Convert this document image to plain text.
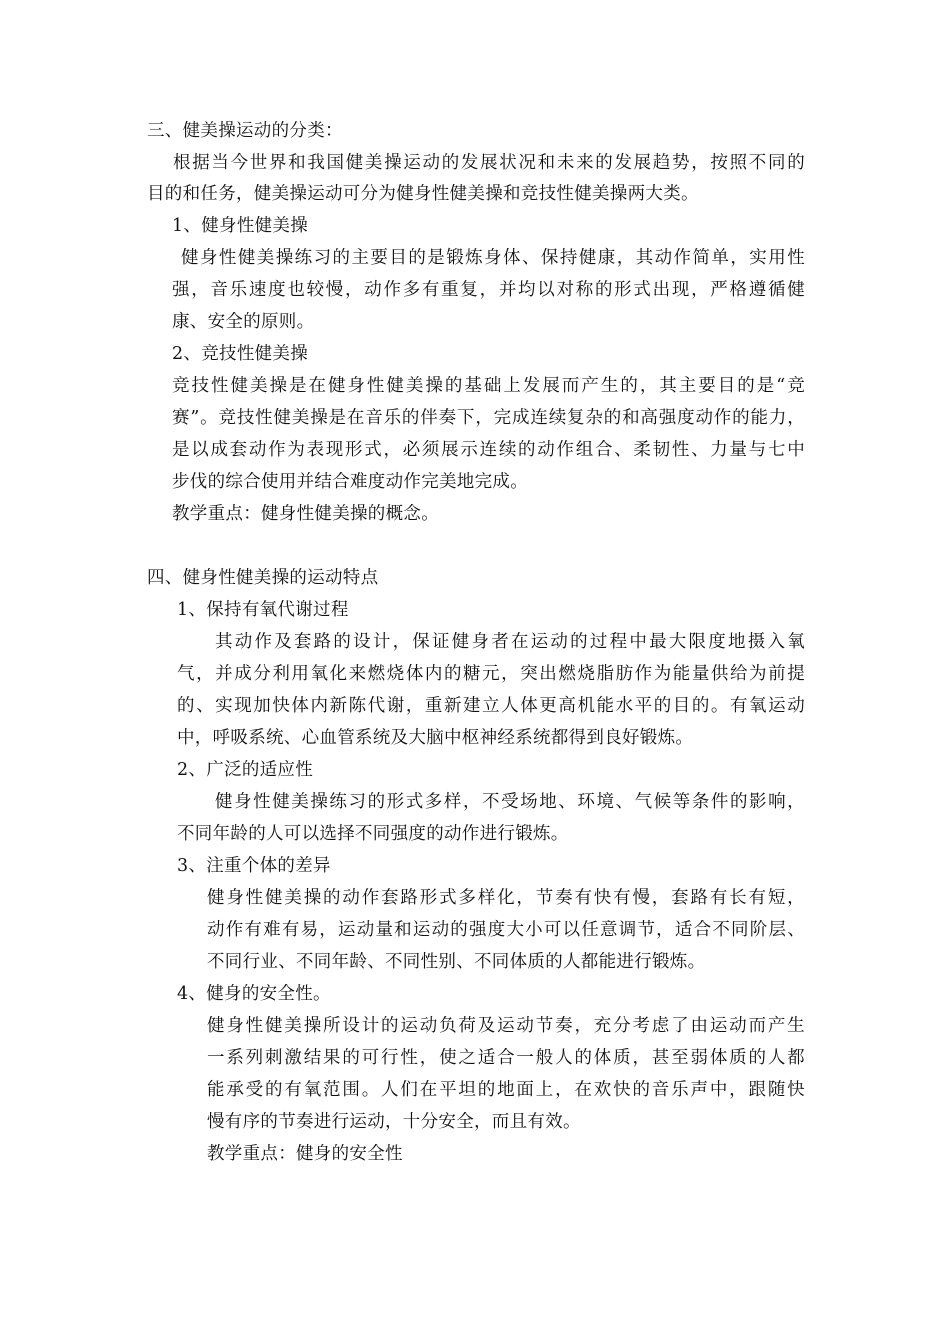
三、健美操运动的分类：
根据当今世界和我国健美操运动的发展状况和未来的发展趋势，按照不同的
目的和任务，健美操运动可分为健身性健美操和竞技性健美操两大类。
1、健身性健美操
健身性健美操练习的主要目的是锻炼身体、保持健康，其动作简单，实用性
强，音乐速度也较慢，动作多有重复，并均以对称的形式出现，严格遵循健
康、安全的原则。
2、竞技性健美操
竞技性健美操是在健身性健美操的基础上发展而产生的，其主要目的是“竞
赛”。竞技性健美操是在音乐的伴奏下，完成连续复杂的和高强度动作的能力，
是以成套动作为表现形式，必须展示连续的动作组合、柔韧性、力量与七中
步伐的综合使用并结合难度动作完美地完成。
教学重点：健身性健美操的概念。
四、健身性健美操的运动特点
1、保持有氧代谢过程
其动作及套路的设计，保证健身者在运动的过程中最大限度地摄入氧
气，并成分利用氧化来燃烧体内的糖元，突出燃烧脂肪作为能量供给为前提
的、实现加快体内新陈代谢，重新建立人体更高机能水平的目的。有氧运动
中，呼吸系统、心血管系统及大脑中枢神经系统都得到良好锻炼。
2、广泛的适应性
健身性健美操练习的形式多样，不受场地、环境、气候等条件的影响，
不同年龄的人可以选择不同强度的动作进行锻炼。
3、注重个体的差异
健身性健美操的动作套路形式多样化，节奏有快有慢，套路有长有短，
动作有难有易，运动量和运动的强度大小可以任意调节，适合不同阶层、
不同行业、不同年龄、不同性别、不同体质的人都能进行锻炼。
4、健身的安全性。
健身性健美操所设计的运动负荷及运动节奏，充分考虑了由运动而产生
一系列刺激结果的可行性，使之适合一般人的体质，甚至弱体质的人都
能承受的有氧范围。人们在平坦的地面上，在欢快的音乐声中，跟随快
慢有序的节奏进行运动，十分安全，而且有效。
教学重点：健身的安全性
